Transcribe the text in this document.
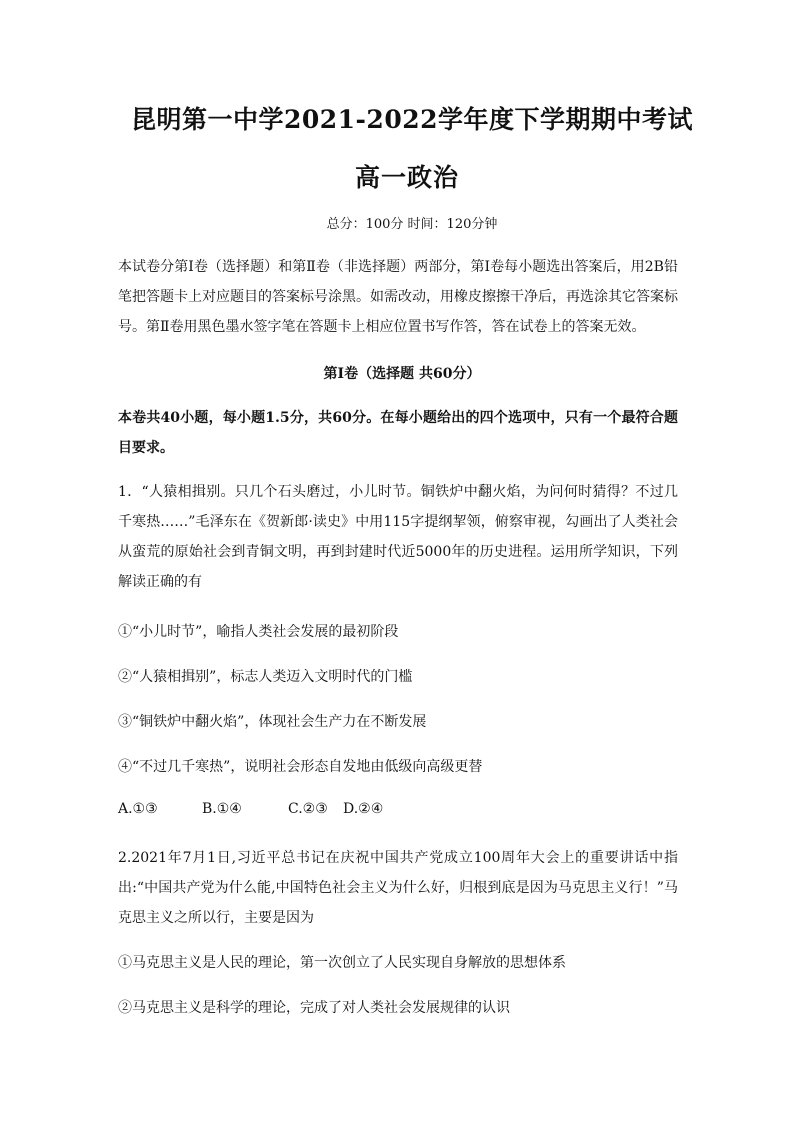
昆明第一中学2021-2022学年度下学期期中考试
高一政治
总分：100分 时间：120分钟

本试卷分第Ⅰ卷（选择题）和第Ⅱ卷（非选择题）两部分，第Ⅰ卷每小题选出答案后，用2B铅笔把答题卡上对应题目的答案标号涂黑。如需改动，用橡皮擦擦干净后，再选涂其它答案标号。第Ⅱ卷用黑色墨水签字笔在答题卡上相应位置书写作答，答在试卷上的答案无效。

第Ⅰ卷（选择题 共60分）

本卷共40小题，每小题1.5分，共60分。在每小题给出的四个选项中，只有一个最符合题目要求。

1．“人猿相揖别。只几个石头磨过，小儿时节。铜铁炉中翻火焰，为问何时猜得？不过几千寒热……”毛泽东在《贺新郎·读史》中用115字提纲挈领，俯察审视，勾画出了人类社会从蛮荒的原始社会到青铜文明，再到封建时代近5000年的历史进程。运用所学知识，下列解读正确的有

①“小儿时节”，喻指人类社会发展的最初阶段

②“人猿相揖别”，标志人类迈入文明时代的门槛

③“铜铁炉中翻火焰”，体现社会生产力在不断发展

④“不过几千寒热”，说明社会形态自发地由低级向高级更替

A.①③	B.①④	C.②③ D.②④

2.2021年7月1日,习近平总书记在庆祝中国共产党成立100周年大会上的重要讲话中指出:“中国共产党为什么能,中国特色社会主义为什么好，归根到底是因为马克思主义行！”马克思主义之所以行，主要是因为

①马克思主义是人民的理论，第一次创立了人民实现自身解放的思想体系

②马克思主义是科学的理论，完成了对人类社会发展规律的认识
